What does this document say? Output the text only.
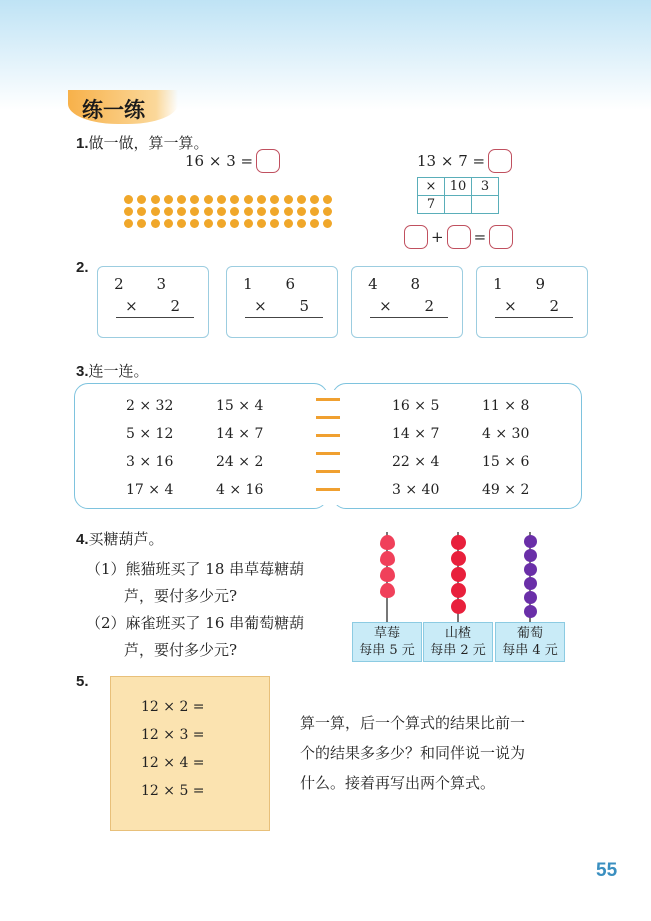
练一练
1.做一做，算一算。
16 × 3 =	13 × 7 =
×	10	3
7		
+ =
2.
2 3
× 2
1 6
× 5
4 8
× 2
1 9
× 2
3.连一连。
2 × 32	15 × 4
5 × 12	14 × 7
3 × 16	24 × 2
17 × 4	4 × 16
16 × 5	11 × 8
14 × 7	4 × 30
22 × 4	15 × 6
3 × 40	49 × 2
4.买糖葫芦。
（1）熊猫班买了 18 串草莓糖葫
芦，要付多少元?
（2）麻雀班买了 16 串葡萄糖葫
芦，要付多少元?
草莓
每串 5 元
山楂
每串 2 元
葡萄
每串 4 元
5.
12 × 2 =
12 × 3 =
12 × 4 =
12 × 5 =
算一算，后一个算式的结果比前一
个的结果多多少？和同伴说一说为
什么。接着再写出两个算式。
55
